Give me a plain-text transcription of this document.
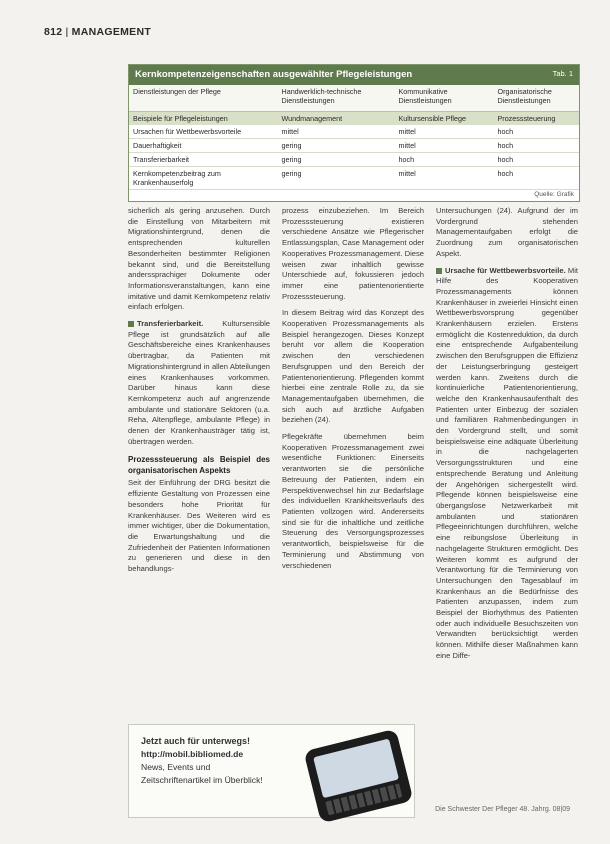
812 | MANAGEMENT
Kernkompetenzeigenschaften ausgewählter Pflegeleistungen	Tab. 1
Dienstleistungen der Pflege	Handwerklich-technische Dienstleistungen	Kommunikative Dienstleistungen	Organisatorische Dienstleistungen
Beispiele für Pflegeleistungen	Wundmanagement	Kultursensible Pflege	Prozesssteuerung
Ursachen für Wettbewerbsvorteile	mittel	mittel	hoch
Dauerhaftigkeit	gering	mittel	hoch
Transferierbarkeit	gering	hoch	hoch
Kernkompetenzbeitrag zum Krankenhauserfolg	gering	mittel	hoch
Quelle: Grafik

sicherlich als gering anzusehen. Durch die Einstellung von Mitarbeitern mit Migrationshintergrund, denen die entsprechenden kulturellen Besonderheiten bestimmter Religionen bekannt sind, und die Bereitstellung anderssprachiger Dokumente oder Informationsveranstaltungen, kann eine imitative und damit Kernkompetenz relativ einfach erfolgen.

Transferierbarkeit.	Kultursensible Pflege ist grundsätzlich auf alle Geschäftsbereiche eines Krankenhauses übertragbar, da Patienten mit Migrationshintergrund in allen Abteilungen eines Krankenhauses vorkommen. Darüber hinaus kann diese Kernkompetenz auch auf angrenzende ambulante und stationäre Sektoren (u.a. Reha, Altenpflege, ambulante Pflege) in denen der Krankenhausträger tätig ist, übertragen werden.

Prozesssteuerung als Beispiel des organisatorischen Aspekts

Seit der Einführung der DRG besitzt die effiziente Gestaltung von Prozessen eine besonders hohe Priorität für Krankenhäuser. Des Weiteren wird es immer wichtiger, über die Dokumentation, die Erwartungshaltung und die Zufriedenheit der Patienten Informationen zu generieren und diese in den behandlungs-

prozess einzubeziehen. Im Bereich Prozesssteuerung existieren verschiedene Ansätze wie Pflegerischer Entlassungsplan, Case Management oder Kooperatives Prozessmanagement. Diese weisen zwar inhaltlich gewisse Unterschiede auf, fokussieren jedoch immer eine patientenorientierte Prozesssteuerung.

In diesem Beitrag wird das Konzept des Kooperativen Prozessmanagements als Beispiel herangezogen. Dieses Konzept beruht vor allem die Kooperation zwischen den verschiedenen Berufsgruppen und den Bereich der Patientenorientierung. Pflegenden kommt hierbei eine zentrale Rolle zu, da sie Managementaufgaben übernehmen, die sich auch auf ärztliche Aufgaben beziehen (24).

Pflegekräfte übernehmen beim Kooperativen Prozessmanagement zwei wesentliche Funktionen: Einerseits verantworten sie die persönliche Betreuung der Patienten, indem ein Perspektivenwechsel hin zur Bedarfslage des individuellen Krankheitsverlaufs des Patienten vollzogen wird. Andererseits sind sie für die inhaltliche und zeitliche Steuerung des Versorgungsprozesses verantwortlich, beispielsweise für die Terminierung und Abstimmung von verschiedenen

Untersuchungen (24). Aufgrund der im Vordergrund stehenden Managementaufgaben erfolgt die Zuordnung zum organisatorischen Aspekt.

Ursache für Wettbewerbsvorteile. Mit Hilfe des Kooperativen Prozessmanagements können Krankenhäuser in zweierlei Hinsicht einen Wettbewerbsvorsprung gegenüber Krankenhäusern erzielen. Erstens ermöglicht die Kostenreduktion, da durch eine entsprechende Aufgabenteilung zwischen den Berufsgruppen die Effizienz der Leistungserbringung gesteigert werden kann. Zweitens durch die kontinuierliche Patientenorientierung, welche den Krankenhausaufenthalt des Patienten unter Einbezug der sozialen und familiären Rahmenbedingungen in den Vordergrund stellt, und somit beispielsweise eine adäquate Überleitung in die nachgelagerten Versorgungsstrukturen und eine entsprechende Beratung und Anleitung der Angehörigen sichergestellt wird. Pflegende können beispielsweise eine übergangslose Netzwerkarbeit mit ambulanten und stationären Pflegeeinrichtungen durchführen, welche eine reibungslose Überleitung in nachgelagerte Strukturen ermöglicht. Des Weiteren kommt es aufgrund der Verantwortung für die Terminierung von Untersuchungen den Tagesablauf im Krankenhaus an die Bedürfnisse des Patienten anzupassen, indem zum Beispiel der Biorhythmus des Patienten oder auch individuelle Besuchszeiten von Verwandten berücksichtigt werden können. Mithilfe dieser Maßnahmen kann eine Diffe-

Jetzt auch für unterwegs!
http://mobil.bibliomed.de
News, Events und
Zeitschriftenartikel im Überblick!
Die Schwester Der Pfleger 48. Jahrg. 08|09
